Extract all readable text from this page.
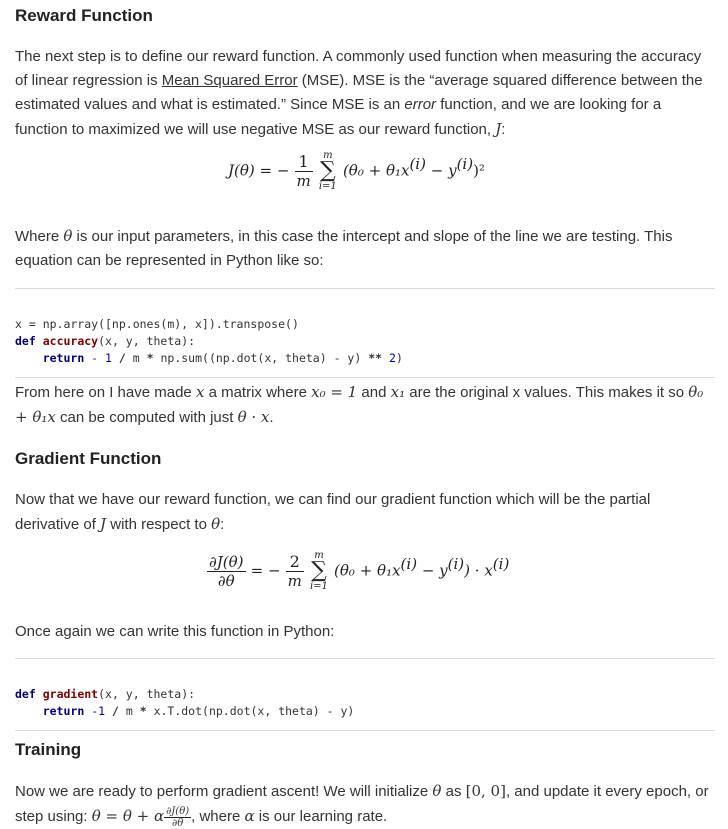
Reward Function

The next step is to define our reward function. A commonly used function when measuring the accuracy of linear regression is Mean Squared Error (MSE). MSE is the “average squared difference between the estimated values and what is estimated.” Since MSE is an error function, and we are looking for a function to maximized we will use negative MSE as our reward function, J:

J(θ) = − $\frac{1}{m}$
	m
∑
i=1
$(\theta_0 + \theta_1x^{(i)} - y^{(i)})^2$

Where θ is our input parameters, in this case the intercept and slope of the line we are testing. This equation can be represented in Python like so:

x = np.array([np.ones(m), x]).transpose()
def accuracy(x, y, theta):
return - 1 / m * np.sum((np.dot(x, theta) - y) ** 2)

From here on I have made x a matrix where x₀ = 1 and x₁ are the original x values. This makes it so θ₀ + θ₁x can be computed with just θ · x.

Gradient Function

Now that we have our reward function, we can find our gradient function which will be the partial derivative of J with respect to θ:

$\frac{\partial J(\theta)}{\partial\theta}$ = − $\frac{2}{m}$
	m
∑
i=1
$(\theta_0 + \theta_1x^{(i)} - y^{(i)}) \cdot x^{(i)}$

Once again we can write this function in Python:

def gradient(x, y, theta):
return -1 / m * x.T.dot(np.dot(x, theta) - y)
Training

Now we are ready to perform gradient ascent! We will initialize θ as [0, 0], and update it every epoch, or step using: θ = θ + α $\frac{\partial J(\theta)}{\partial\theta}$ , where α is our learning rate.
